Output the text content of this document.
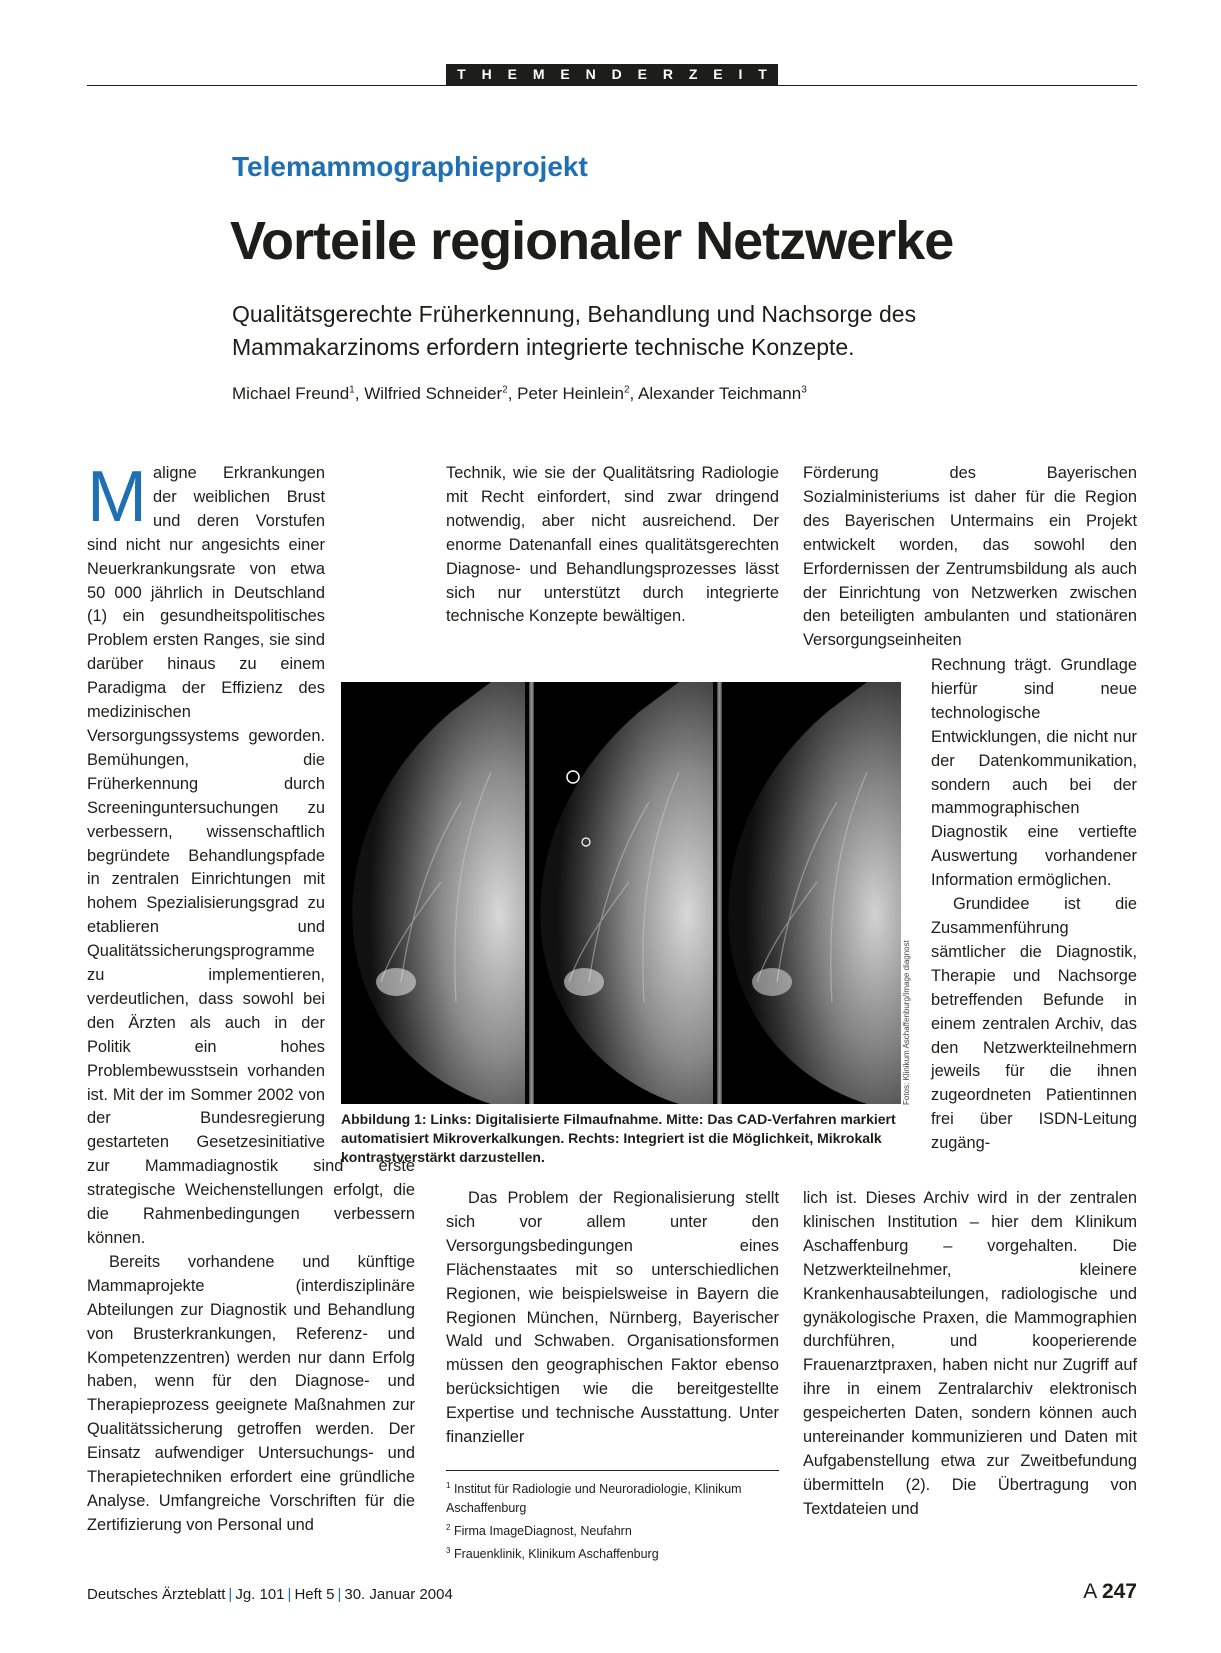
T H E M E N D E R Z E I T
Telemammographieprojekt
Vorteile regionaler Netzwerke
Qualitätsgerechte Früherkennung, Behandlung und Nachsorge des Mammakarzinoms erfordern integrierte technische Konzepte.
Michael Freund$^1$, Wilfried Schneider$^2$, Peter Heinlein$^2$, Alexander Teichmann$^3$

Maligne Erkrankungen der weiblichen Brust und deren Vorstufen sind nicht nur angesichts einer Neuerkrankungsrate von etwa 50 000 jährlich in Deutschland (1) ein gesundheitspolitisches Problem ersten Ranges, sie sind darüber hinaus zu einem Paradigma der Effizienz des medizinischen Versorgungssystems geworden. Bemühungen, die Früherkennung durch Screeninguntersuchungen zu verbessern, wissenschaftlich begründete Behandlungspfade in zentralen Einrichtungen mit hohem Spezialisierungsgrad zu etablieren und Qualitätssicherungsprogramme zu implementieren, verdeutlichen, dass sowohl bei den Ärzten als auch in der Politik ein hohes Problembewusstsein vorhanden ist. Mit der im Sommer 2002 von der Bundesregierung gestarteten Gesetzesinitiative zur Mammadiagnostik sind erste strategische Weichenstellungen erfolgt, die die Rahmenbedingungen verbessern können.

Bereits vorhandene und künftige Mammaprojekte (interdisziplinäre Abteilungen zur Diagnostik und Behandlung von Brusterkrankungen, Referenz- und Kompetenzzentren) werden nur dann Erfolg haben, wenn für den Diagnose- und Therapieprozess geeignete Maßnahmen zur Qualitätssicherung getroffen werden. Der Einsatz aufwendiger Untersuchungs- und Therapietechniken erfordert eine gründliche Analyse. Umfangreiche Vorschriften für die Zertifizierung von Personal und

Technik, wie sie der Qualitätsring Radiologie mit Recht einfordert, sind zwar dringend notwendig, aber nicht ausreichend. Der enorme Datenanfall eines qualitätsgerechten Diagnose- und Behandlungsprozesses lässt sich nur unterstützt durch integrierte technische Konzepte bewältigen.

Das Problem der Regionalisierung stellt sich vor allem unter den Versorgungsbedingungen eines Flächenstaates mit so unterschiedlichen Regionen, wie beispielsweise in Bayern die Regionen München, Nürnberg, Bayerischer Wald und Schwaben. Organisationsformen müssen den geographischen Faktor ebenso berücksichtigen wie die bereitgestellte Expertise und technische Ausstattung. Unter finanzieller

Förderung des Bayerischen Sozialministeriums ist daher für die Region des Bayerischen Untermains ein Projekt entwickelt worden, das sowohl den Erfordernissen der Zentrumsbildung als auch der Einrichtung von Netzwerken zwischen den beteiligten ambulanten und stationären Versorgungseinheiten

Rechnung trägt. Grundlage hierfür sind neue technologische Entwicklungen, die nicht nur der Datenkommunikation, sondern auch bei der mammographischen Diagnostik eine vertiefte Auswertung vorhandener Information ermöglichen.

Grundidee ist die Zusammenführung sämtlicher die Diagnostik, Therapie und Nachsorge betreffenden Befunde in einem zentralen Archiv, das den Netzwerkteilnehmern jeweils für die ihnen zugeordneten Patientinnen frei über ISDN-Leitung zugäng-

lich ist. Dieses Archiv wird in der zentralen klinischen Institution – hier dem Klinikum Aschaffenburg – vorgehalten. Die Netzwerkteilnehmer, kleinere Krankenhausabteilungen, radiologische und gynäkologische Praxen, die Mammographien durchführen, und kooperierende Frauenarztpraxen, haben nicht nur Zugriff auf ihre in einem Zentralarchiv elektronisch gespeicherten Daten, sondern können auch untereinander kommunizieren und Daten mit Aufgabenstellung etwa zur Zweitbefundung übermitteln (2). Die Übertragung von Textdateien und

Fotos: Klinikum Aschaffenburg/Image diagnost
Abbildung 1: Links: Digitalisierte Filmaufnahme. Mitte: Das CAD-Verfahren markiert automatisiert Mikroverkalkungen. Rechts: Integriert ist die Möglichkeit, Mikrokalk kontrastverstärkt darzustellen.

$^1$ Institut für Radiologie und Neuroradiologie, Klinikum Aschaffenburg

$^2$ Firma ImageDiagnost, Neufahrn

$^3$ Frauenklinik, Klinikum Aschaffenburg

Deutsches Ärzteblatt | Jg. 101 | Heft 5 | 30. Januar 2004	A 247
